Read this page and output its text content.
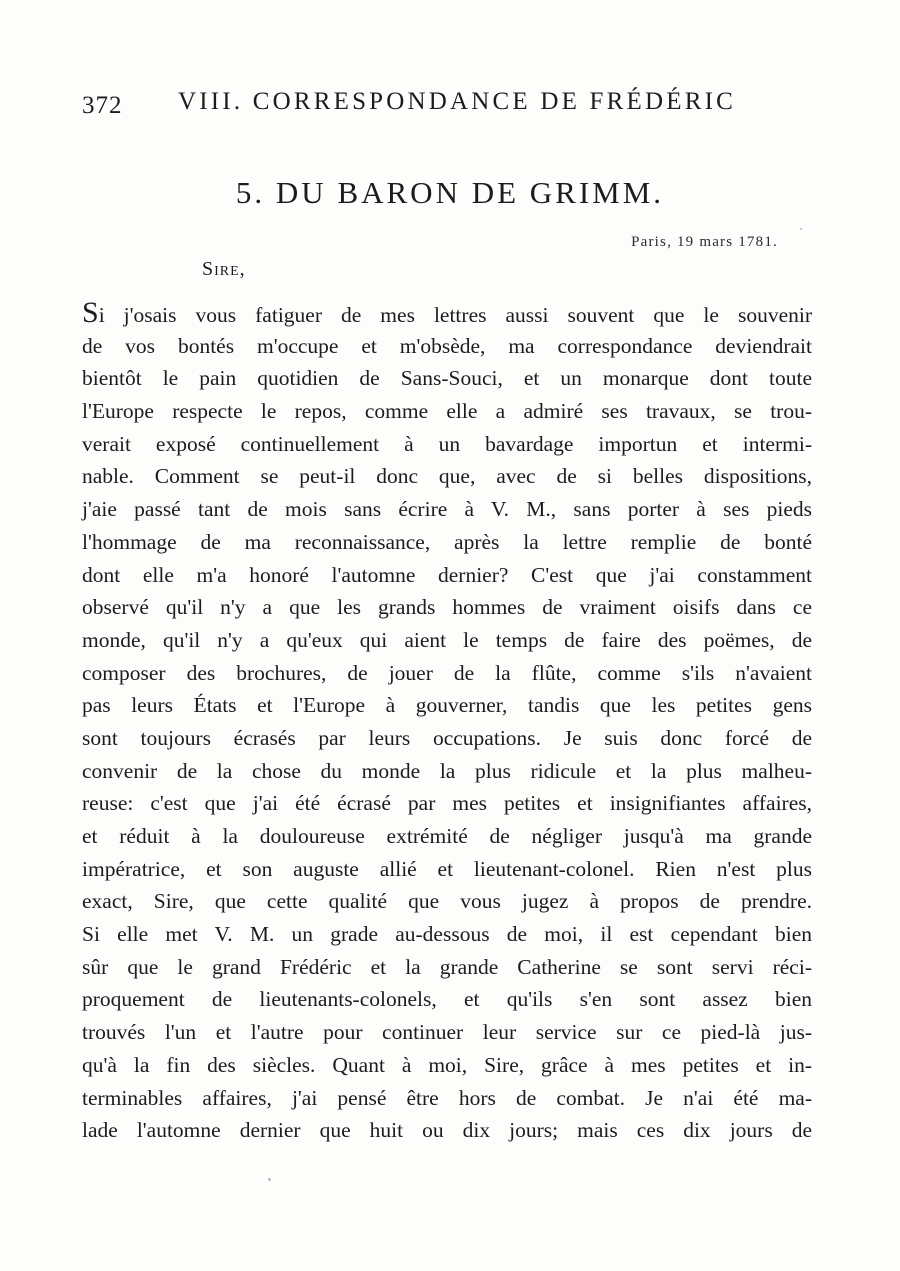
372 VIII. CORRESPONDANCE DE FRÉDÉRIC
5. DU BARON DE GRIMM.
Paris, 19 mars 1781.
Sire,
Si j'osais vous fatiguer de mes lettres aussi souvent que le souvenir
de vos bontés m'occupe et m'obsède, ma correspondance deviendrait
bientôt le pain quotidien de Sans-Souci, et un monarque dont toute
l'Europe respecte le repos, comme elle a admiré ses travaux, se trou-
verait exposé continuellement à un bavardage importun et intermi-
nable. Comment se peut-il donc que, avec de si belles dispositions,
j'aie passé tant de mois sans écrire à V. M., sans porter à ses pieds
l'hommage de ma reconnaissance, après la lettre remplie de bonté
dont elle m'a honoré l'automne dernier? C'est que j'ai constamment
observé qu'il n'y a que les grands hommes de vraiment oisifs dans ce
monde, qu'il n'y a qu'eux qui aient le temps de faire des poëmes, de
composer des brochures, de jouer de la flûte, comme s'ils n'avaient
pas leurs États et l'Europe à gouverner, tandis que les petites gens
sont toujours écrasés par leurs occupations. Je suis donc forcé de
convenir de la chose du monde la plus ridicule et la plus malheu-
reuse: c'est que j'ai été écrasé par mes petites et insignifiantes affaires,
et réduit à la douloureuse extrémité de négliger jusqu'à ma grande
impératrice, et son auguste allié et lieutenant-colonel. Rien n'est plus
exact, Sire, que cette qualité que vous jugez à propos de prendre.
Si elle met V. M. un grade au-dessous de moi, il est cependant bien
sûr que le grand Frédéric et la grande Catherine se sont servi réci-
proquement de lieutenants-colonels, et qu'ils s'en sont assez bien
trouvés l'un et l'autre pour continuer leur service sur ce pied-là jus-
qu'à la fin des siècles. Quant à moi, Sire, grâce à mes petites et in-
terminables affaires, j'ai pensé être hors de combat. Je n'ai été ma-
lade l'automne dernier que huit ou dix jours; mais ces dix jours de
